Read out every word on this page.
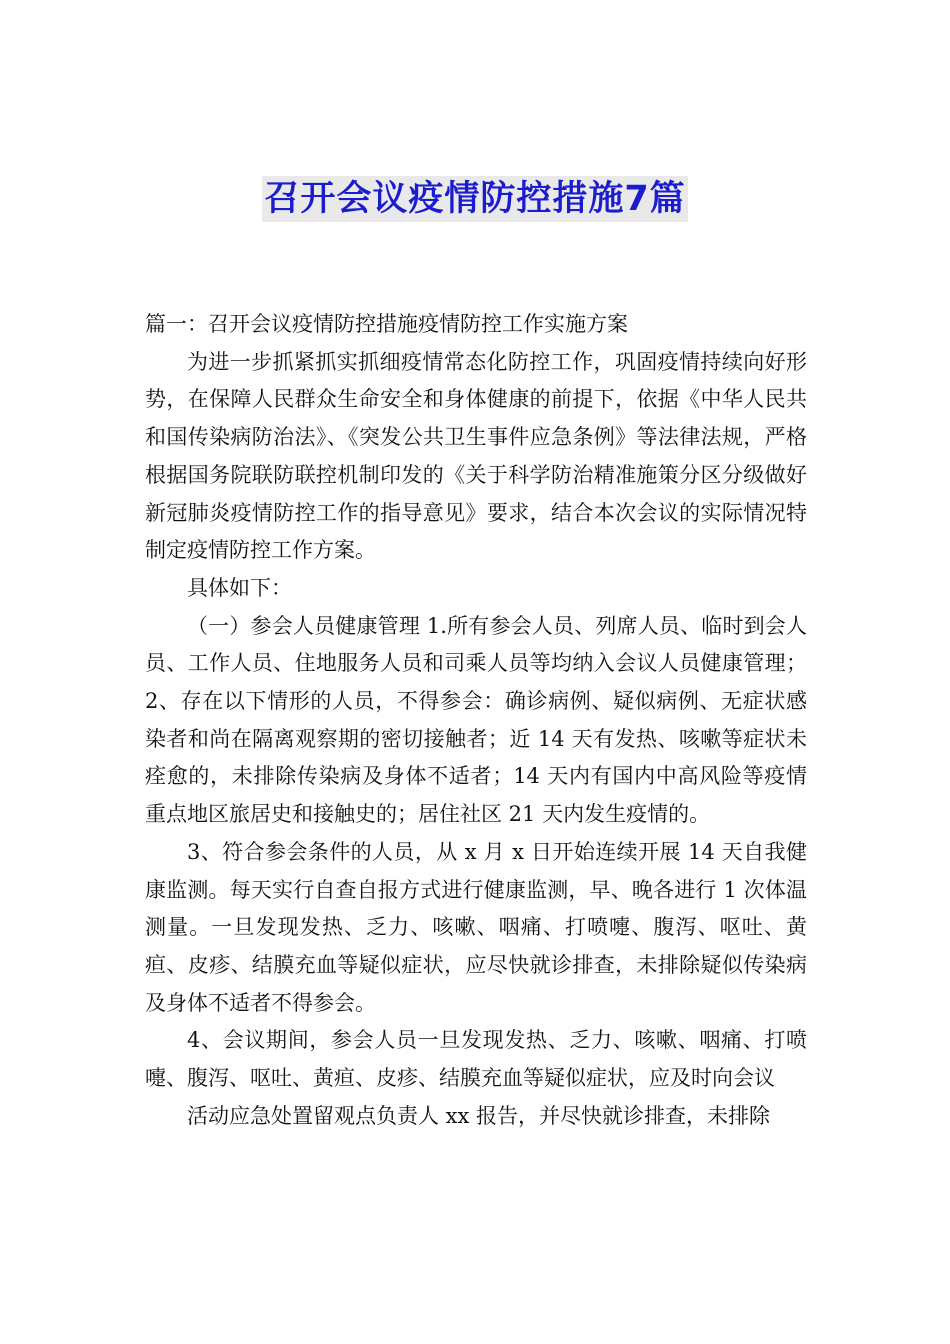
召开会议疫情防控措施7篇

篇一：召开会议疫情防控措施疫情防控工作实施方案

为进一步抓紧抓实抓细疫情常态化防控工作，巩固疫情持续向好形势，在保障人民群众生命安全和身体健康的前提下，依据《中华人民共和国传染病防治法》、《突发公共卫生事件应急条例》等法律法规，严格根据国务院联防联控机制印发的《关于科学防治精准施策分区分级做好新冠肺炎疫情防控工作的指导意见》要求，结合本次会议的实际情况特制定疫情防控工作方案。

具体如下：

（一）参会人员健康管理 1.所有参会人员、列席人员、临时到会人员、工作人员、住地服务人员和司乘人员等均纳入会议人员健康管理； 2、存在以下情形的人员，不得参会：确诊病例、疑似病例、无症状感染者和尚在隔离观察期的密切接触者；近 14 天有发热、咳嗽等症状未痊愈的，未排除传染病及身体不适者；14 天内有国内中高风险等疫情重点地区旅居史和接触史的；居住社区 21 天内发生疫情的。

3、符合参会条件的人员，从 x 月 x 日开始连续开展 14 天自我健康监测。每天实行自查自报方式进行健康监测，早、晚各进行 1 次体温测量。一旦发现发热、乏力、咳嗽、咽痛、打喷嚏、腹泻、呕吐、黄疸、皮疹、结膜充血等疑似症状，应尽快就诊排查，未排除疑似传染病及身体不适者不得参会。

4、会议期间，参会人员一旦发现发热、乏力、咳嗽、咽痛、打喷嚏、腹泻、呕吐、黄疸、皮疹、结膜充血等疑似症状，应及时向会议

活动应急处置留观点负责人 xx 报告，并尽快就诊排查，未排除
